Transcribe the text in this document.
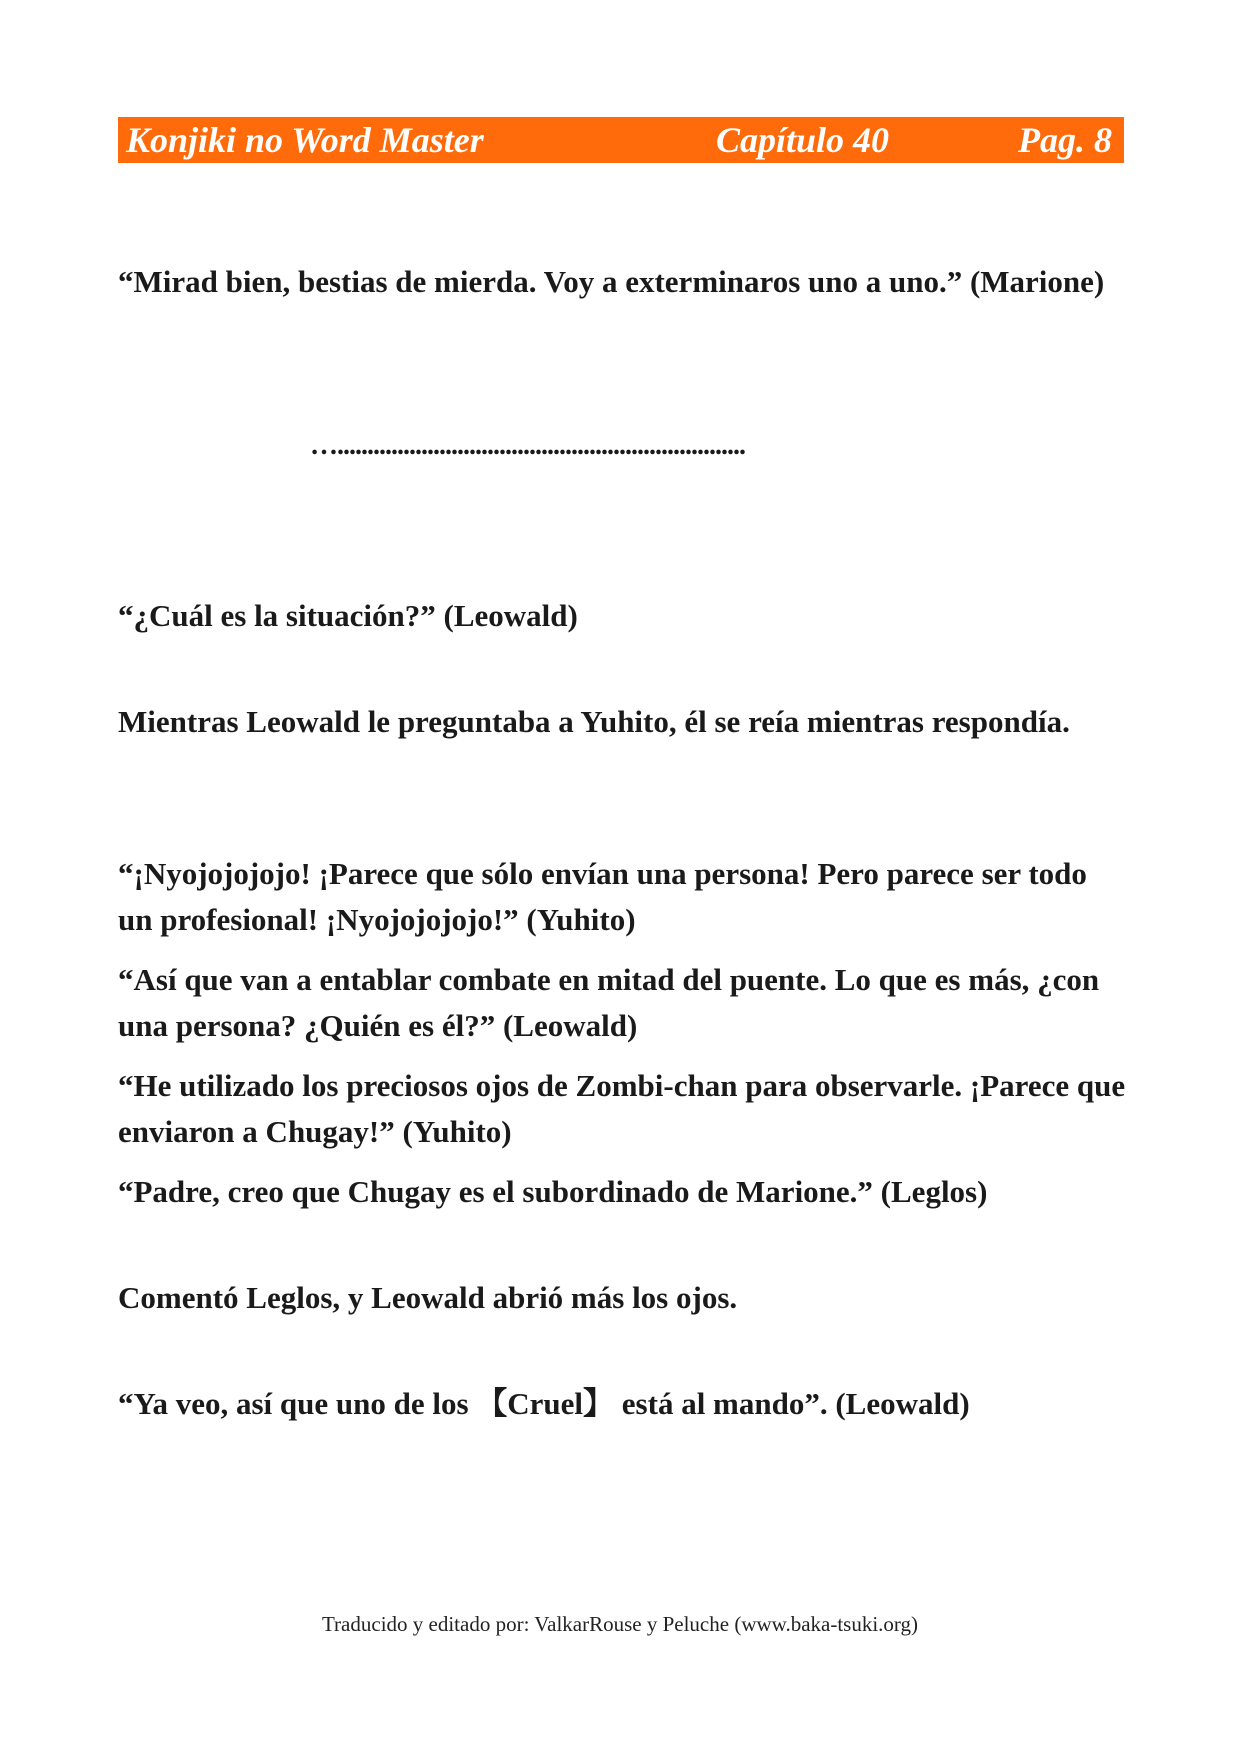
Konjiki no Word Master	Capítulo 40	Pag. 8

“Mirad bien, bestias de mierda. Voy a exterminaros uno a uno.” (Marione)

…....................................................................

“¿Cuál es la situación?” (Leowald)

Mientras Leowald le preguntaba a Yuhito, él se reía mientras respondía.

“¡Nyojojojojo! ¡Parece que sólo envían una persona! Pero parece ser todo un profesional! ¡Nyojojojojo!” (Yuhito)

“Así que van a entablar combate en mitad del puente. Lo que es más, ¿con una persona? ¿Quién es él?” (Leowald)

“He utilizado los preciosos ojos de Zombi-chan para observarle. ¡Parece que enviaron a Chugay!” (Yuhito)

“Padre, creo que Chugay es el subordinado de Marione.” (Leglos)

Comentó Leglos, y Leowald abrió más los ojos.

“Ya veo, así que uno de los 【Cruel】 está al mando”. (Leowald)

Traducido y editado por: ValkarRouse y Peluche (www.baka-tsuki.org)
